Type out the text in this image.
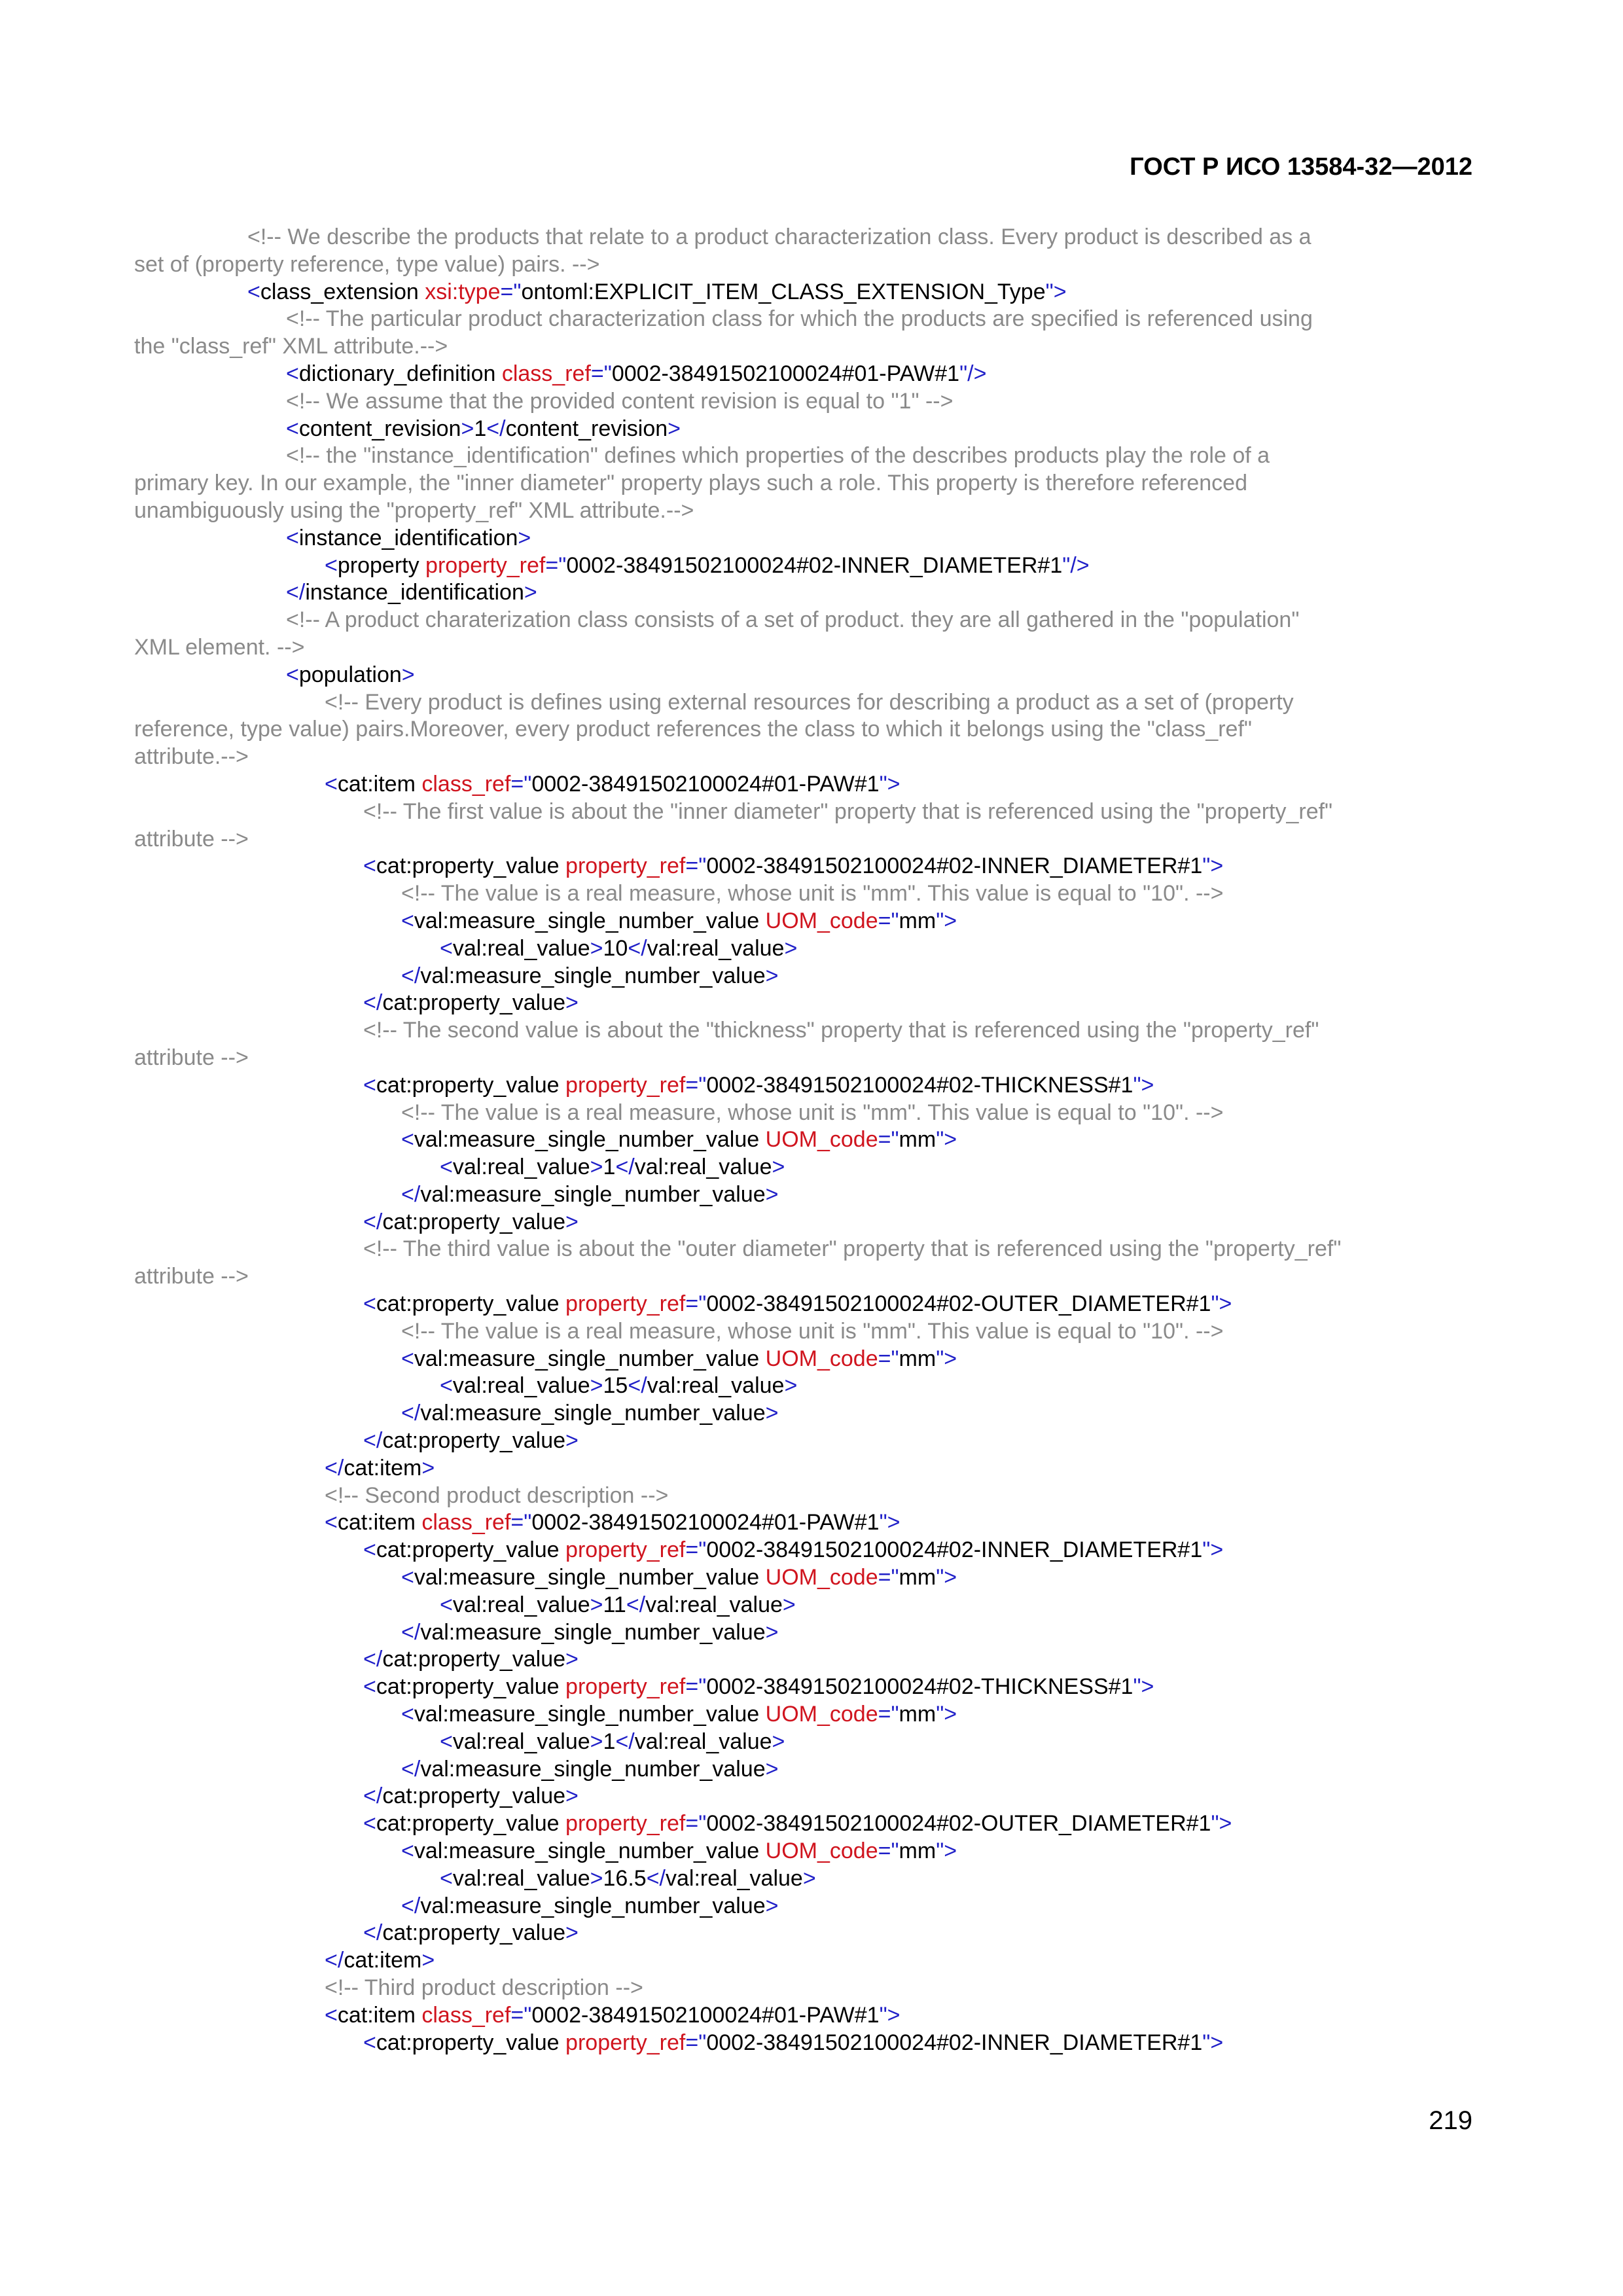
ГОСТ Р ИСО 13584-32—2012
<!-- We describe the products that relate to a product characterization class. Every product is described as a
set of (property reference, type value) pairs. -->
<class_extension xsi:type="ontoml:EXPLICIT_ITEM_CLASS_EXTENSION_Type">
<!-- The particular product characterization class for which the products are specified is referenced using
the "class_ref" XML attribute.-->
<dictionary_definition class_ref="0002-38491502100024#01-PAW#1"/>
<!-- We assume that the provided content revision is equal to "1" -->
<content_revision>1</content_revision>
<!-- the "instance_identification" defines which properties of the describes products play the role of a
primary key. In our example, the "inner diameter" property plays such a role. This property is therefore referenced
unambiguously using the "property_ref" XML attribute.-->
<instance_identification>
<property property_ref="0002-38491502100024#02-INNER_DIAMETER#1"/>
</instance_identification>
<!-- A product charaterization class consists of a set of product. they are all gathered in the "population"
XML element. -->
<population>
<!-- Every product is defines using external resources for describing a product as a set of (property
reference, type value) pairs.Moreover, every product references the class to which it belongs using the "class_ref"
attribute.-->
<cat:item class_ref="0002-38491502100024#01-PAW#1">
<!-- The first value is about the "inner diameter" property that is referenced using the "property_ref"
attribute -->
<cat:property_value property_ref="0002-38491502100024#02-INNER_DIAMETER#1">
<!-- The value is a real measure, whose unit is "mm". This value is equal to "10". -->
<val:measure_single_number_value UOM_code="mm">
<val:real_value>10</val:real_value>
</val:measure_single_number_value>
</cat:property_value>
<!-- The second value is about the "thickness" property that is referenced using the "property_ref"
attribute -->
<cat:property_value property_ref="0002-38491502100024#02-THICKNESS#1">
<!-- The value is a real measure, whose unit is "mm". This value is equal to "10". -->
<val:measure_single_number_value UOM_code="mm">
<val:real_value>1</val:real_value>
</val:measure_single_number_value>
</cat:property_value>
<!-- The third value is about the "outer diameter" property that is referenced using the "property_ref"
attribute -->
<cat:property_value property_ref="0002-38491502100024#02-OUTER_DIAMETER#1">
<!-- The value is a real measure, whose unit is "mm". This value is equal to "10". -->
<val:measure_single_number_value UOM_code="mm">
<val:real_value>15</val:real_value>
</val:measure_single_number_value>
</cat:property_value>
</cat:item>
<!-- Second product description -->
<cat:item class_ref="0002-38491502100024#01-PAW#1">
<cat:property_value property_ref="0002-38491502100024#02-INNER_DIAMETER#1">
<val:measure_single_number_value UOM_code="mm">
<val:real_value>11</val:real_value>
</val:measure_single_number_value>
</cat:property_value>
<cat:property_value property_ref="0002-38491502100024#02-THICKNESS#1">
<val:measure_single_number_value UOM_code="mm">
<val:real_value>1</val:real_value>
</val:measure_single_number_value>
</cat:property_value>
<cat:property_value property_ref="0002-38491502100024#02-OUTER_DIAMETER#1">
<val:measure_single_number_value UOM_code="mm">
<val:real_value>16.5</val:real_value>
</val:measure_single_number_value>
</cat:property_value>
</cat:item>
<!-- Third product description -->
<cat:item class_ref="0002-38491502100024#01-PAW#1">
<cat:property_value property_ref="0002-38491502100024#02-INNER_DIAMETER#1">
219
